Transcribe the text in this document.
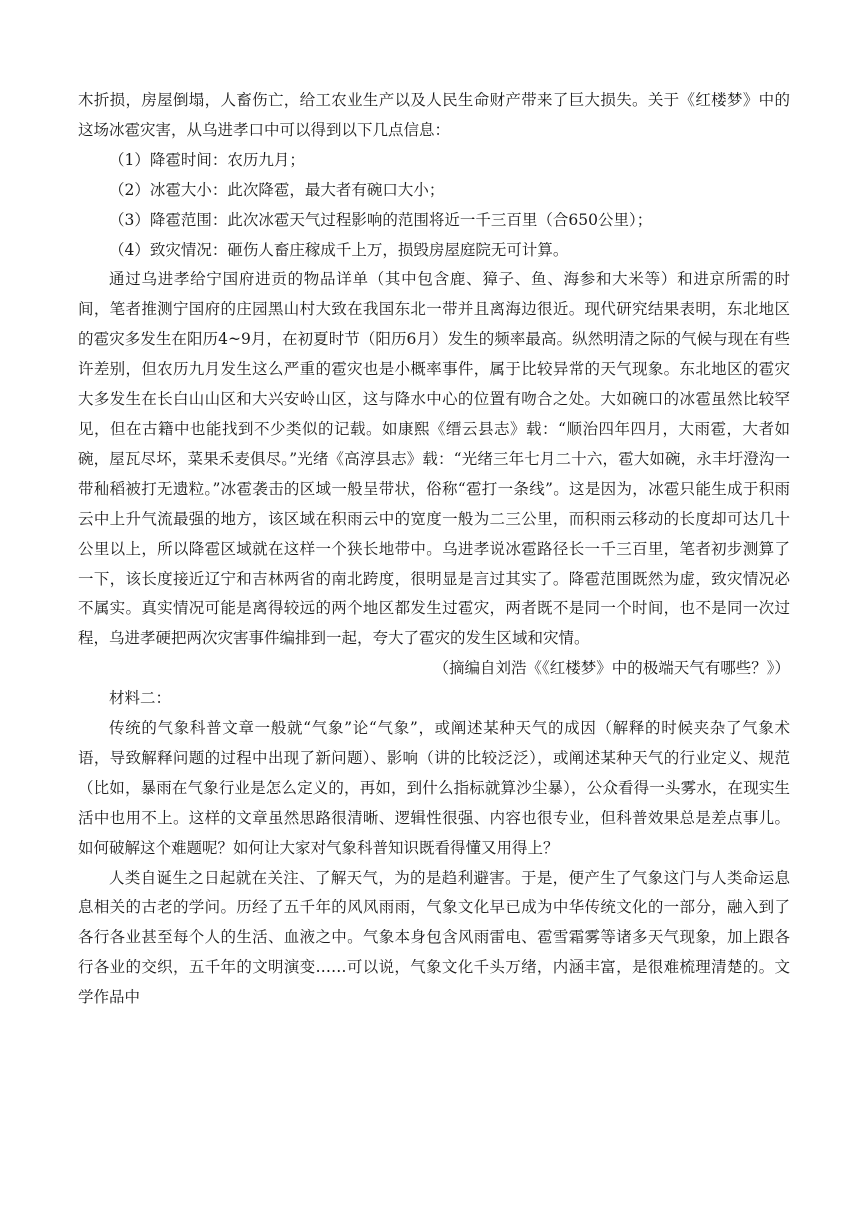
木折损，房屋倒塌，人畜伤亡，给工农业生产以及人民生命财产带来了巨大损失。关于《红楼梦》中的这场冰雹灾害，从乌进孝口中可以得到以下几点信息：

（1）降雹时间：农历九月；

（2）冰雹大小：此次降雹，最大者有碗口大小；

（3）降雹范围：此次冰雹天气过程影响的范围将近一千三百里（合650公里）；

（4）致灾情况：砸伤人畜庄稼成千上万，损毁房屋庭院无可计算。

通过乌进孝给宁国府进贡的物品详单（其中包含鹿、獐子、鱼、海参和大米等）和进京所需的时间，笔者推测宁国府的庄园黑山村大致在我国东北一带并且离海边很近。现代研究结果表明，东北地区的雹灾多发生在阳历4~9月，在初夏时节（阳历6月）发生的频率最高。纵然明清之际的气候与现在有些许差别，但农历九月发生这么严重的雹灾也是小概率事件，属于比较异常的天气现象。东北地区的雹灾大多发生在长白山山区和大兴安岭山区，这与降水中心的位置有吻合之处。大如碗口的冰雹虽然比较罕见，但在古籍中也能找到不少类似的记载。如康熙《缙云县志》载：“顺治四年四月，大雨雹，大者如碗，屋瓦尽坏，菜果禾麦俱尽。”光绪《高淳县志》载：“光绪三年七月二十六，雹大如碗，永丰圩澄沟一带秈稻被打无遗粒。”冰雹袭击的区域一般呈带状，俗称“雹打一条线”。这是因为，冰雹只能生成于积雨云中上升气流最强的地方，该区域在积雨云中的宽度一般为二三公里，而积雨云移动的长度却可达几十公里以上，所以降雹区域就在这样一个狭长地带中。乌进孝说冰雹路径长一千三百里，笔者初步测算了一下，该长度接近辽宁和吉林两省的南北跨度，很明显是言过其实了。降雹范围既然为虚，致灾情况必不属实。真实情况可能是离得较远的两个地区都发生过雹灾，两者既不是同一个时间，也不是同一次过程，乌进孝硬把两次灾害事件编排到一起，夸大了雹灾的发生区域和灾情。

（摘编自刘浩《《红楼梦》中的极端天气有哪些？》）

材料二：

传统的气象科普文章一般就“气象”论“气象”，或阐述某种天气的成因（解释的时候夹杂了气象术语，导致解释问题的过程中出现了新问题）、影响（讲的比较泛泛），或阐述某种天气的行业定义、规范（比如，暴雨在气象行业是怎么定义的，再如，到什么指标就算沙尘暴），公众看得一头雾水，在现实生活中也用不上。这样的文章虽然思路很清晰、逻辑性很强、内容也很专业，但科普效果总是差点事儿。如何破解这个难题呢？如何让大家对气象科普知识既看得懂又用得上？

人类自诞生之日起就在关注、了解天气，为的是趋利避害。于是，便产生了气象这门与人类命运息息相关的古老的学问。历经了五千年的风风雨雨，气象文化早已成为中华传统文化的一部分，融入到了各行各业甚至每个人的生活、血液之中。气象本身包含风雨雷电、雹雪霜雾等诸多天气现象，加上跟各行各业的交织，五千年的文明演变……可以说，气象文化千头万绪，内涵丰富，是很难梳理清楚的。文学作品中
